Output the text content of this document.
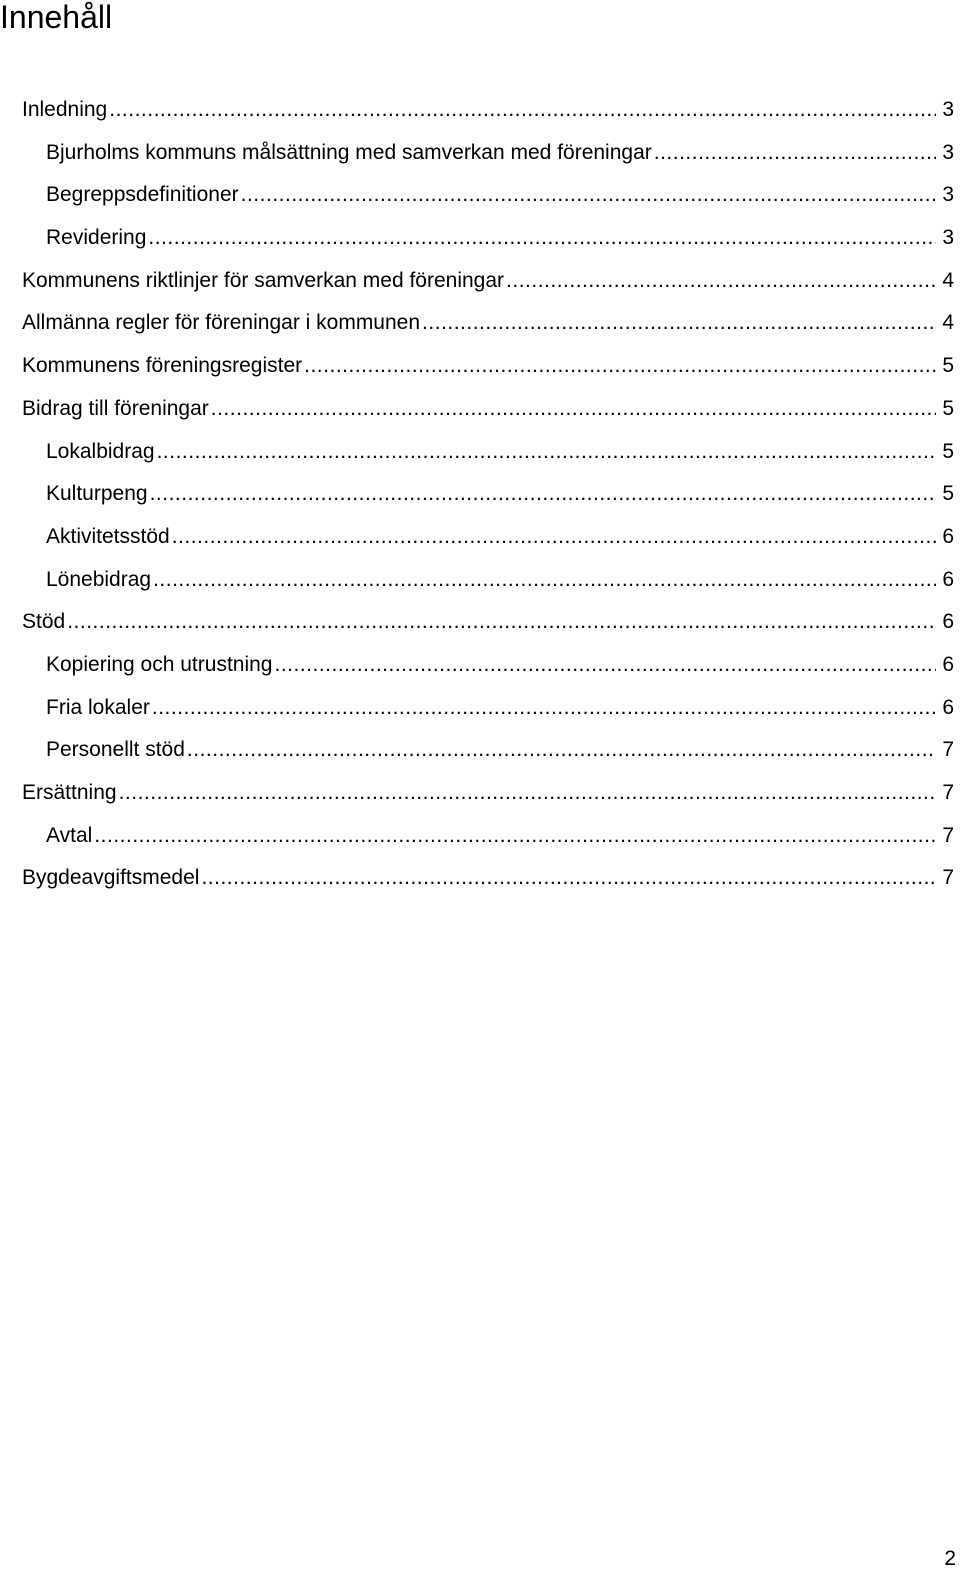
Innehåll
Inledning .....	3
Bjurholms kommuns målsättning med samverkan med föreningar .....	3
Begreppsdefinitioner .....	3
Revidering .....	3
Kommunens riktlinjer för samverkan med föreningar .....	4
Allmänna regler för föreningar i kommunen .....	4
Kommunens föreningsregister .....	5
Bidrag till föreningar .....	5
Lokalbidrag .....	5
Kulturpeng .....	5
Aktivitetsstöd .....	6
Lönebidrag .....	6
Stöd .....	6
Kopiering och utrustning .....	6
Fria lokaler .....	6
Personellt stöd .....	7
Ersättning .....	7
Avtal .....	7
Bygdeavgiftsmedel .....	7
2
